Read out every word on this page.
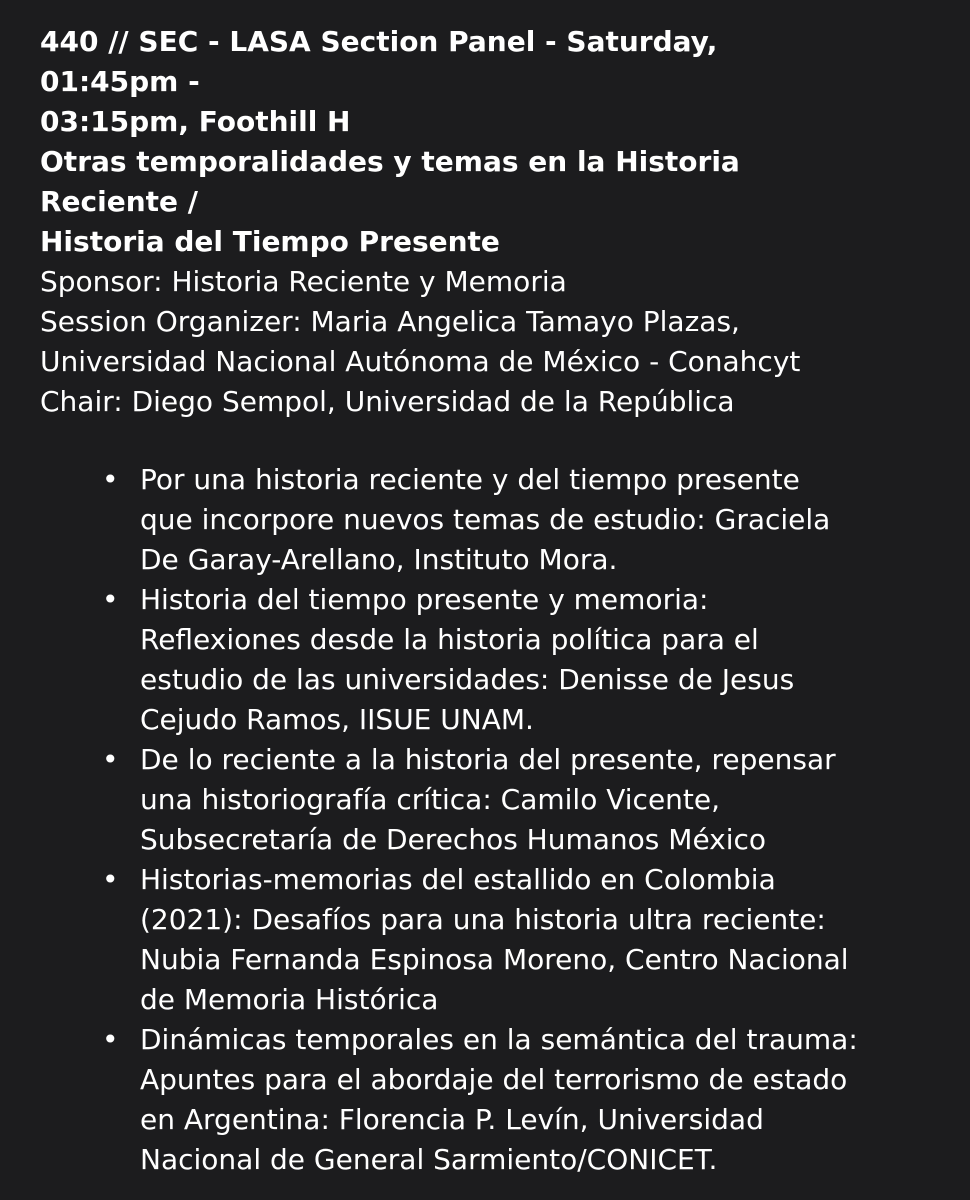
440 // SEC - LASA Section Panel - Saturday,
01:45pm -
03:15pm, Foothill H
Otras temporalidades y temas en la Historia
Reciente /
Historia del Tiempo Presente
Sponsor: Historia Reciente y Memoria
Session Organizer: Maria Angelica Tamayo Plazas,
Universidad Nacional Autónoma de México - Conahcyt
Chair: Diego Sempol, Universidad de la República
• Por una historia reciente y del tiempo presente
que incorpore nuevos temas de estudio: Graciela
De Garay-Arellano, Instituto Mora.
• Historia del tiempo presente y memoria:
Reflexiones desde la historia política para el
estudio de las universidades: Denisse de Jesus
Cejudo Ramos, IISUE UNAM.
• De lo reciente a la historia del presente, repensar
una historiografía crítica: Camilo Vicente,
Subsecretaría de Derechos Humanos México
• Historias-memorias del estallido en Colombia
(2021): Desafíos para una historia ultra reciente:
Nubia Fernanda Espinosa Moreno, Centro Nacional
de Memoria Histórica
• Dinámicas temporales en la semántica del trauma:
Apuntes para el abordaje del terrorismo de estado
en Argentina: Florencia P. Levín, Universidad
Nacional de General Sarmiento/CONICET.
